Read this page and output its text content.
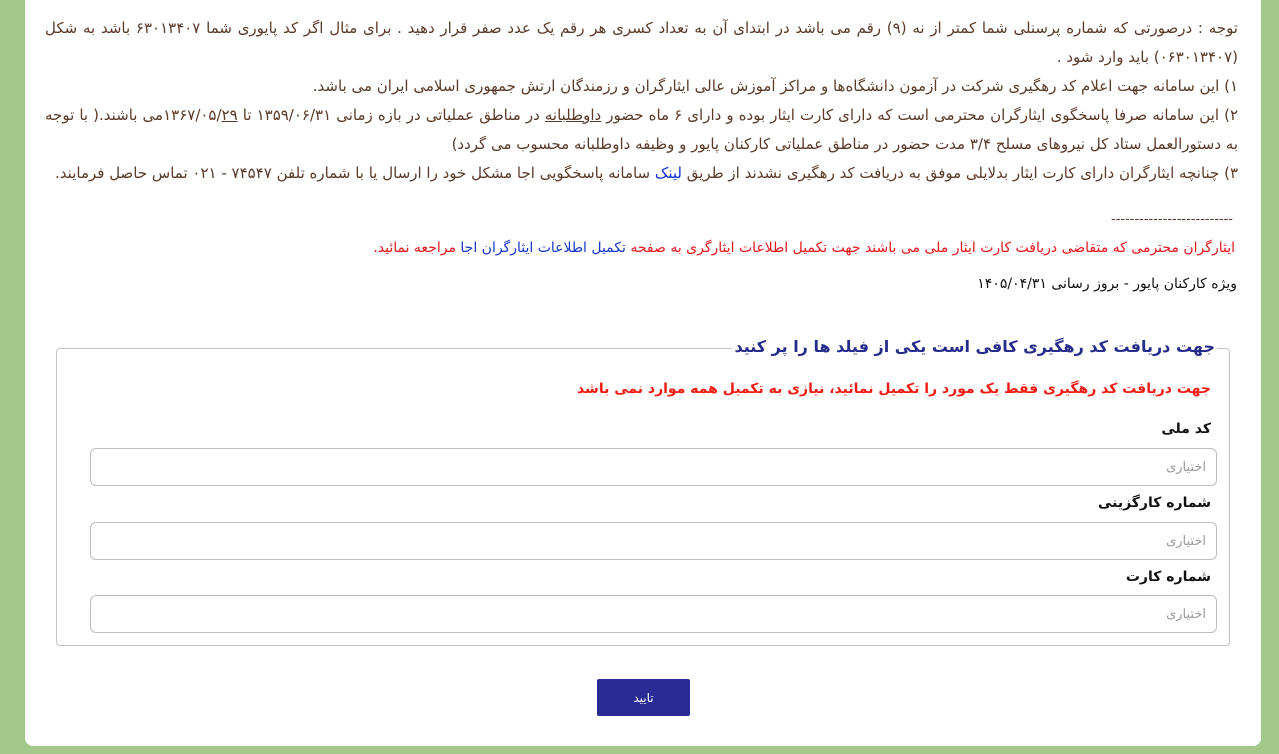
توجه : درصورتی که شماره پرسنلی شما کمتر از نه (۹) رقم می باشد در ابتدای آن به تعداد کسری هر رقم یک عدد صفر قرار دهید . برای مثال اگر کد پایوری شما ۶۳۰۱۳۴۰۷ باشد به شکل (۰۶۳۰۱۳۴۰۷) باید وارد شود .

۱) این سامانه جهت اعلام کد رهگیری شرکت در آزمون دانشگاه‌ها و مراکز آموزش عالی ایثارگران و رزمندگان ارتش جمهوری اسلامی ایران می باشد.

۲) این سامانه صرفا پاسخگوی ایثارگران محترمی است که دارای کارت ایثار بوده و دارای ۶ ماه حضور داوطلبانه در مناطق عملیاتی در بازه زمانی ۱۳۵۹/۰۶/۳۱ تا ۱۳۶۷/۰۵/۲۹می باشند.( با توجه به دستورالعمل ستاد کل نیروهای مسلح ۳/۴ مدت حضور در مناطق عملیاتی کارکنان پایور و وظیفه داوطلبانه محسوب می گردد)

۳) چنانچه ایثارگران دارای کارت ایثار بدلایلی موفق به دریافت کد رهگیری نشدند از طریق لینک سامانه پاسخگویی اجا مشکل خود را ارسال یا با شماره تلفن ۷۴۵۴۷ - ۰۲۱ تماس حاصل فرمایند.

--------------------------
ایثارگران محترمی که متقاضی دریافت کارت ایثار ملی می باشند جهت تکمیل اطلاعات ایثارگری به صفحه تکمیل اطلاعات ایثارگران اجا مراجعه نمائید.
ویژه کارکنان پایور - بروز رسانی ۱۴۰۵/۰۴/۳۱
جهت دریافت کد رهگیری کافی است یکی از فیلد ها را پر کنید
جهت دریافت کد رهگیری فقط یک مورد را تکمیل نمائید، نیازی به تکمیل همه موارد نمی باشد
کد ملی
اختیاری
شماره کارگزینی
اختیاری
شماره کارت
اختیاری
تایید
